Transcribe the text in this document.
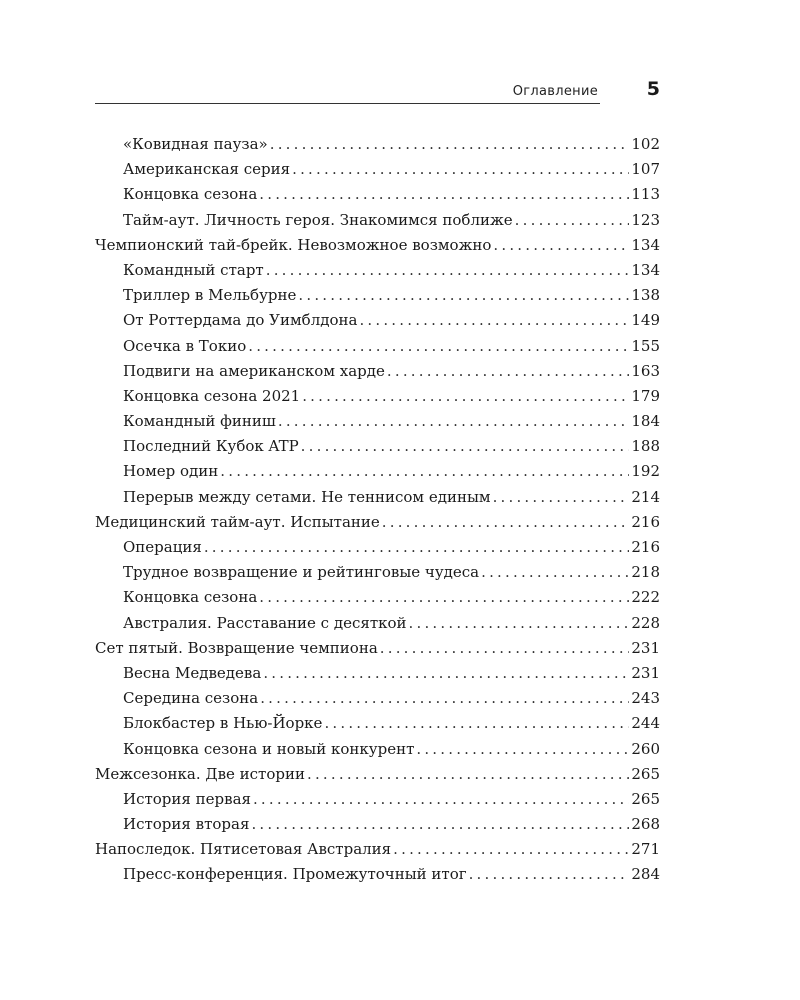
Оглавление	5
«Ковидная пауза» .....	102
Американская серия .....	107
Концовка сезона .....	113
Тайм-аут. Личность героя. Знакомимся поближе .....	123
Чемпионский тай-брейк. Невозможное возможно .....	134
Командный старт .....	134
Триллер в Мельбурне .....	138
От Роттердама до Уимблдона .....	149
Осечка в Токио .....	155
Подвиги на американском харде .....	163
Концовка сезона 2021 .....	179
Командный финиш .....	184
Последний Кубок ATP .....	188
Номер один .....	192
Перерыв между сетами. Не теннисом единым .....	214
Медицинский тайм-аут. Испытание .....	216
Операция .....	216
Трудное возвращение и рейтинговые чудеса .....	218
Концовка сезона .....	222
Австралия. Расставание с десяткой .....	228
Сет пятый. Возвращение чемпиона .....	231
Весна Медведева .....	231
Середина сезона .....	243
Блокбастер в Нью-Йорке .....	244
Концовка сезона и новый конкурент .....	260
Межсезонка. Две истории .....	265
История первая .....	265
История вторая .....	268
Напоследок. Пятисетовая Австралия .....	271
Пресс-конференция. Промежуточный итог .....	284
